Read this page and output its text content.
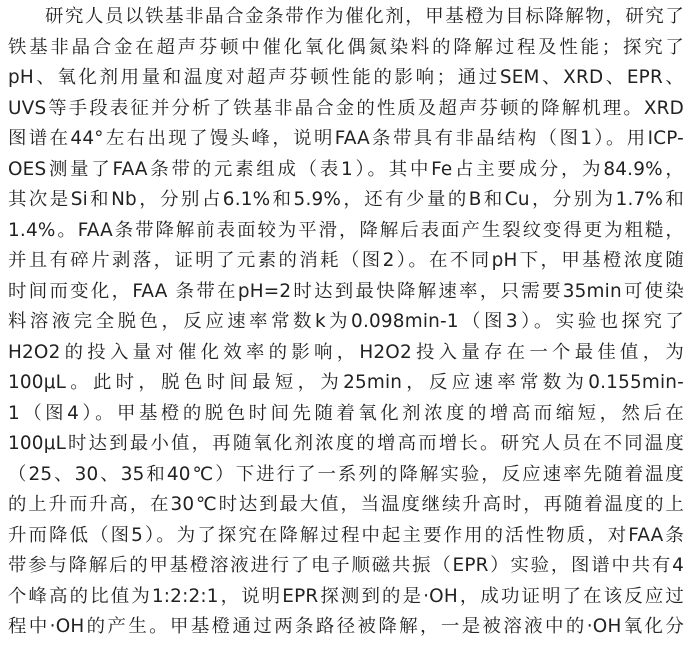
研究人员以铁基非晶合金条带作为催化剂，甲基橙为目标降解物，研究了
铁基非晶合金在超声芬顿中催化氧化偶氮染料的降解过程及性能；探究了
pH、氧化剂用量和温度对超声芬顿性能的影响；通过SEM、XRD、EPR、
UVS等手段表征并分析了铁基非晶合金的性质及超声芬顿的降解机理。XRD
图谱在44°左右出现了馒头峰，说明FAA条带具有非晶结构（图1）。用ICP-
OES测量了FAA条带的元素组成（表1）。其中Fe占主要成分，为84.9%，
其次是Si和Nb，分别占6.1%和5.9%，还有少量的B和Cu，分别为1.7%和
1.4%。FAA条带降解前表面较为平滑，降解后表面产生裂纹变得更为粗糙，
并且有碎片剥落，证明了元素的消耗（图2）。在不同pH下，甲基橙浓度随
时间而变化，FAA 条带在pH=2时达到最快降解速率，只需要35min可使染
料溶液完全脱色，反应速率常数k为0.098min-1（图3）。实验也探究了
H2O2的投入量对催化效率的影响，H2O2投入量存在一个最佳值，为
100μL。此时，脱色时间最短，为25min，反应速率常数为0.155min-
1（图4）。甲基橙的脱色时间先随着氧化剂浓度的增高而缩短，然后在
100μL时达到最小值，再随氧化剂浓度的增高而增长。研究人员在不同温度
（25、30、35和40℃）下进行了一系列的降解实验，反应速率先随着温度
的上升而升高，在30℃时达到最大值，当温度继续升高时，再随着温度的上
升而降低（图5）。为了探究在降解过程中起主要作用的活性物质，对FAA条
带参与降解后的甲基橙溶液进行了电子顺磁共振（EPR）实验，图谱中共有4
个峰高的比值为1:2:2:1，说明EPR探测到的是·OH，成功证明了在该反应过
程中·OH的产生。甲基橙通过两条路径被降解，一是被溶液中的·OH氧化分
